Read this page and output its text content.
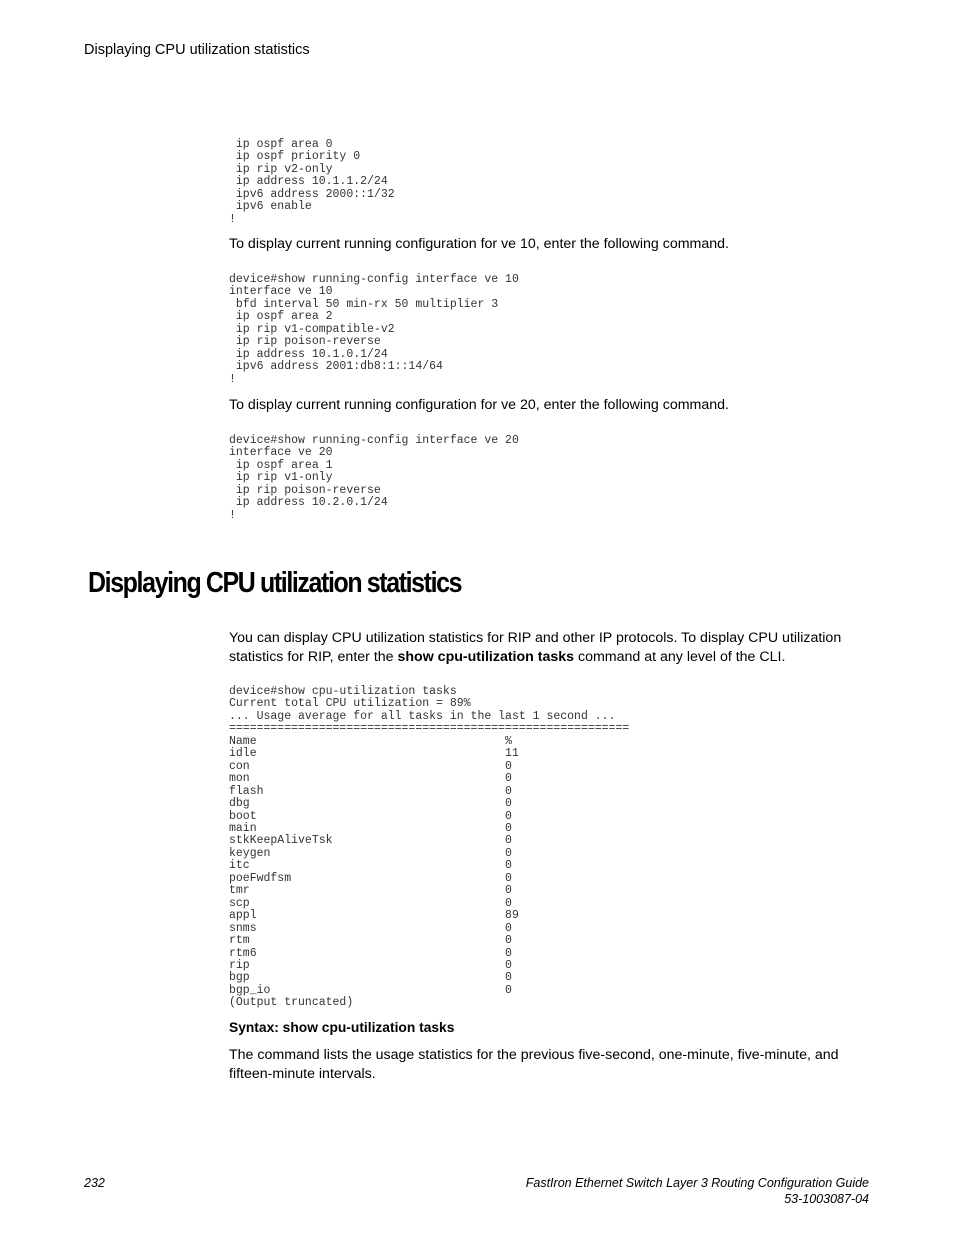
Displaying CPU utilization statistics
ip ospf area 0
ip ospf priority 0
ip rip v2-only
ip address 10.1.1.2/24
ipv6 address 2000::1/32
ipv6 enable
!

To display current running configuration for ve 10, enter the following command.

device#show running-config interface ve 10
interface ve 10
bfd interval 50 min-rx 50 multiplier 3
ip ospf area 2
ip rip v1-compatible-v2
ip rip poison-reverse
ip address 10.1.0.1/24
ipv6 address 2001:db8:1::14/64
!

To display current running configuration for ve 20, enter the following command.

device#show running-config interface ve 20
interface ve 20
ip ospf area 1
ip rip v1-only
ip rip poison-reverse
ip address 10.2.0.1/24
!
Displaying CPU utilization statistics

You can display CPU utilization statistics for RIP and other IP protocols. To display CPU utilization statistics for RIP, enter the show cpu-utilization tasks command at any level of the CLI.

device#show cpu-utilization tasks
Current total CPU utilization = 89%
... Usage average for all tasks in the last 1 second ...
==========================================================
Name                                    %
idle                                    11
con                                     0
mon                                     0
flash                                   0
dbg                                     0
boot                                    0
main                                    0
stkKeepAliveTsk                         0
keygen                                  0
itc                                     0
poeFwdfsm                               0
tmr                                     0
scp                                     0
appl                                    89
snms                                    0
rtm                                     0
rtm6                                    0
rip                                     0
bgp                                     0
bgp_io                                  0
(Output truncated)
Syntax: show cpu-utilization tasks

The command lists the usage statistics for the previous five-second, one-minute, five-minute, and fifteen-minute intervals.

232	FastIron Ethernet Switch Layer 3 Routing Configuration Guide
53-1003087-04
